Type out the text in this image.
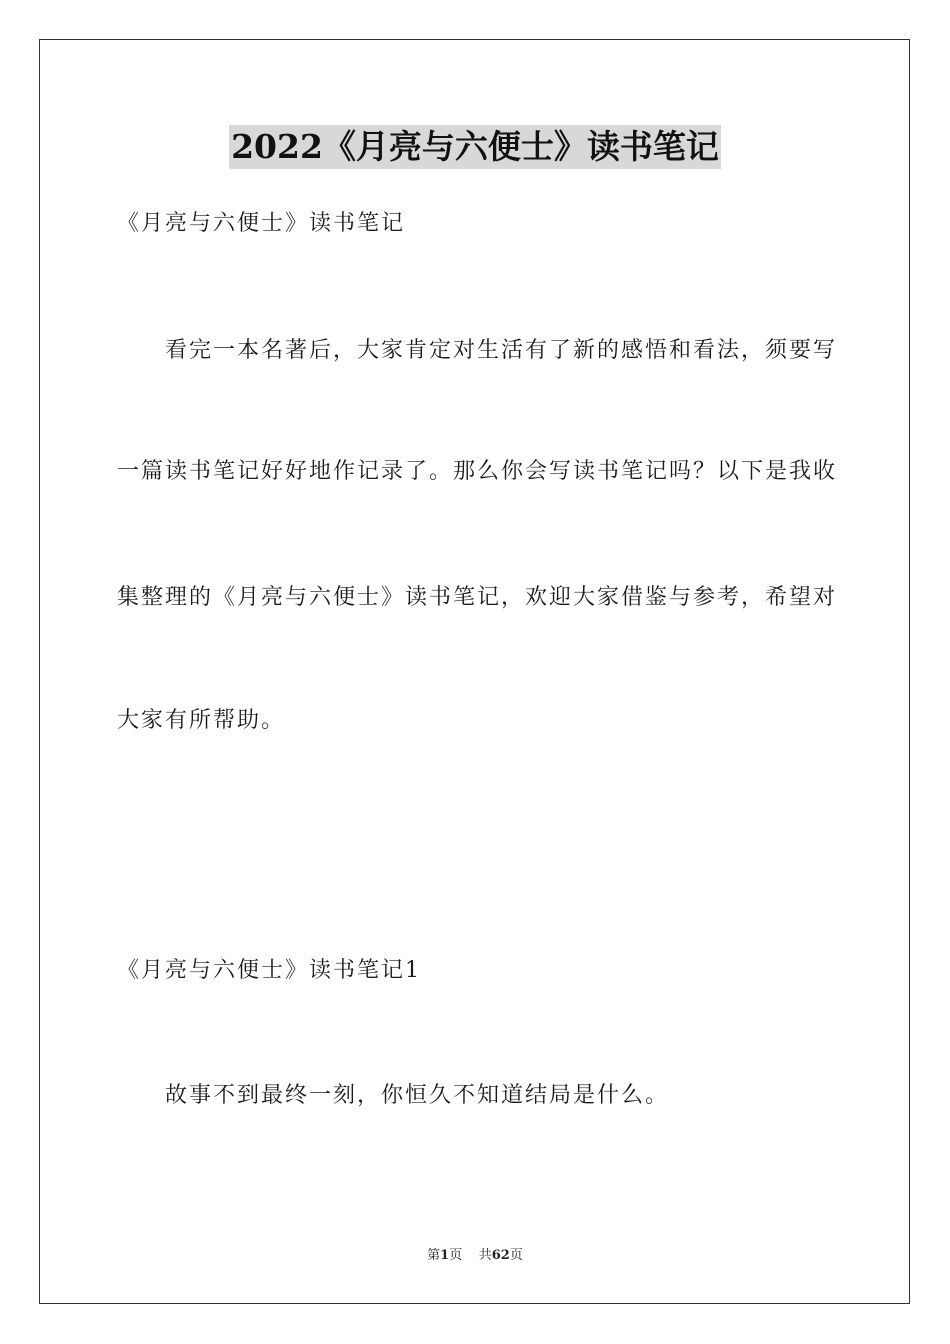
2022《月亮与六便士》读书笔记
《月亮与六便士》读书笔记
看完一本名著后，大家肯定对生活有了新的感悟和看法，须要写
一篇读书笔记好好地作记录了。那么你会写读书笔记吗？以下是我收
集整理的《月亮与六便士》读书笔记，欢迎大家借鉴与参考，希望对
大家有所帮助。
《月亮与六便士》读书笔记1
故事不到最终一刻，你恒久不知道结局是什么。
第1页 共62页
